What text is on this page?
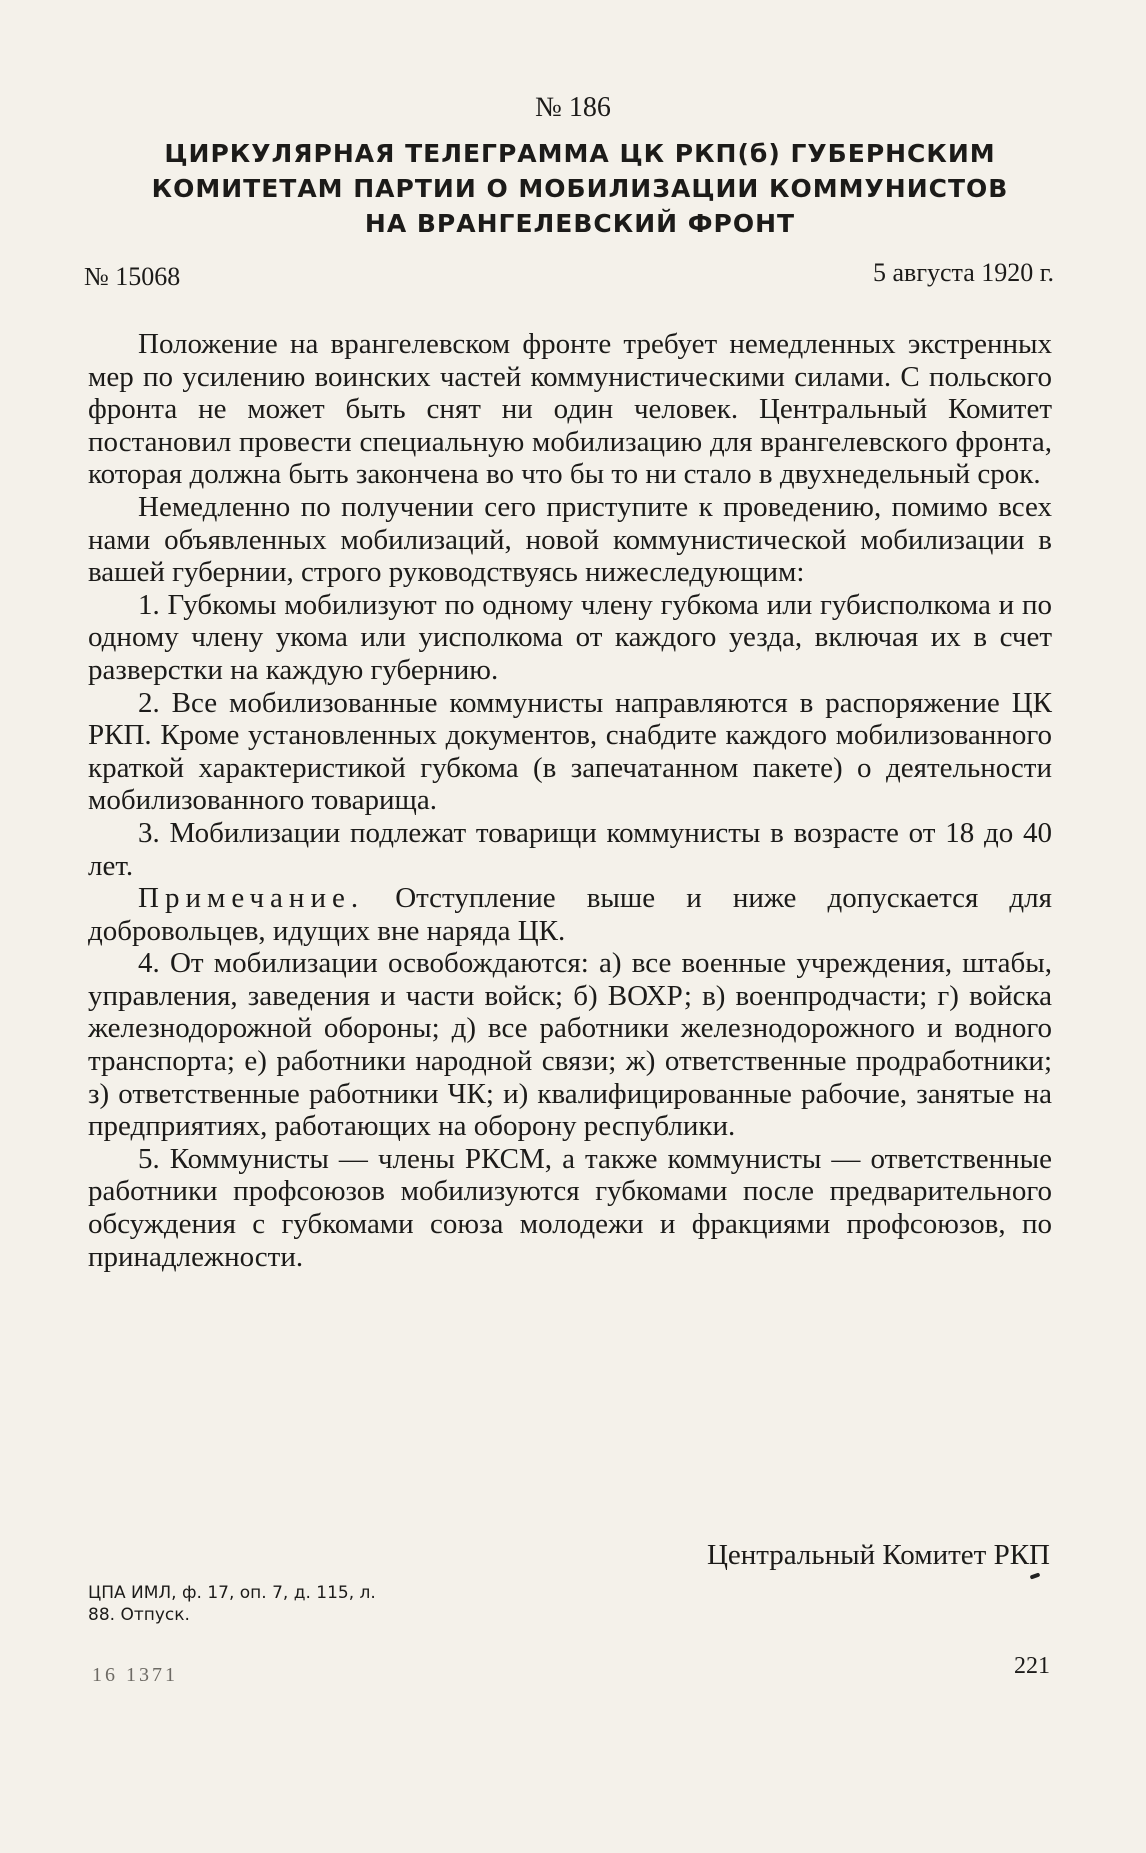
№ 186
ЦИРКУЛЯРНАЯ ТЕЛЕГРАММА ЦК РКП(б) ГУБЕРНСКИМ
КОМИТЕТАМ ПАРТИИ О МОБИЛИЗАЦИИ КОММУНИСТОВ
НА ВРАНГЕЛЕВСКИЙ ФРОНТ
№ 15068	5 августа 1920 г.

Положение на врангелевском фронте требует немедленных экстренных мер по усилению воинских частей коммунистическими силами. С польского фронта не может быть снят ни один человек. Центральный Комитет постановил провести специальную мобилизацию для врангелевского фронта, которая должна быть закончена во что бы то ни стало в двухнедельный срок.

Немедленно по получении сего приступите к проведению, помимо всех нами объявленных мобилизаций, новой коммунистической мобилизации в вашей губернии, строго руководствуясь нижеследующим:

1. Губкомы мобилизуют по одному члену губкома или губисполкома и по одному члену укома или уисполкома от каждого уезда, включая их в счет разверстки на каждую губернию.

2. Все мобилизованные коммунисты направляются в распоряжение ЦК РКП. Кроме установленных документов, снабдите каждого мобилизованного краткой характеристикой губкома (в запечатанном пакете) о деятельности мобилизованного товарища.

3. Мобилизации подлежат товарищи коммунисты в возрасте от 18 до 40 лет.

Примечание. Отступление выше и ниже допускается для добровольцев, идущих вне наряда ЦК.

4. От мобилизации освобождаются: а) все военные учреждения, штабы, управления, заведения и части войск; б) ВОХР; в) военпродчасти; г) войска железнодорожной обороны; д) все работники железнодорожного и водного транспорта; е) работники народной связи; ж) ответственные продработники; з) ответственные работники ЧК; и) квалифицированные рабочие, занятые на предприятиях, работающих на оборону республики.

5. Коммунисты — члены РКСМ, а также коммунисты — ответственные работники профсоюзов мобилизуются губкомами после предварительного обсуждения с губкомами союза молодежи и фракциями профсоюзов, по принадлежности.

Центральный Комитет РКП
ЦПА ИМЛ, ф. 17, оп. 7, д. 115, л.
88. Отпуск.
221
16 1371
